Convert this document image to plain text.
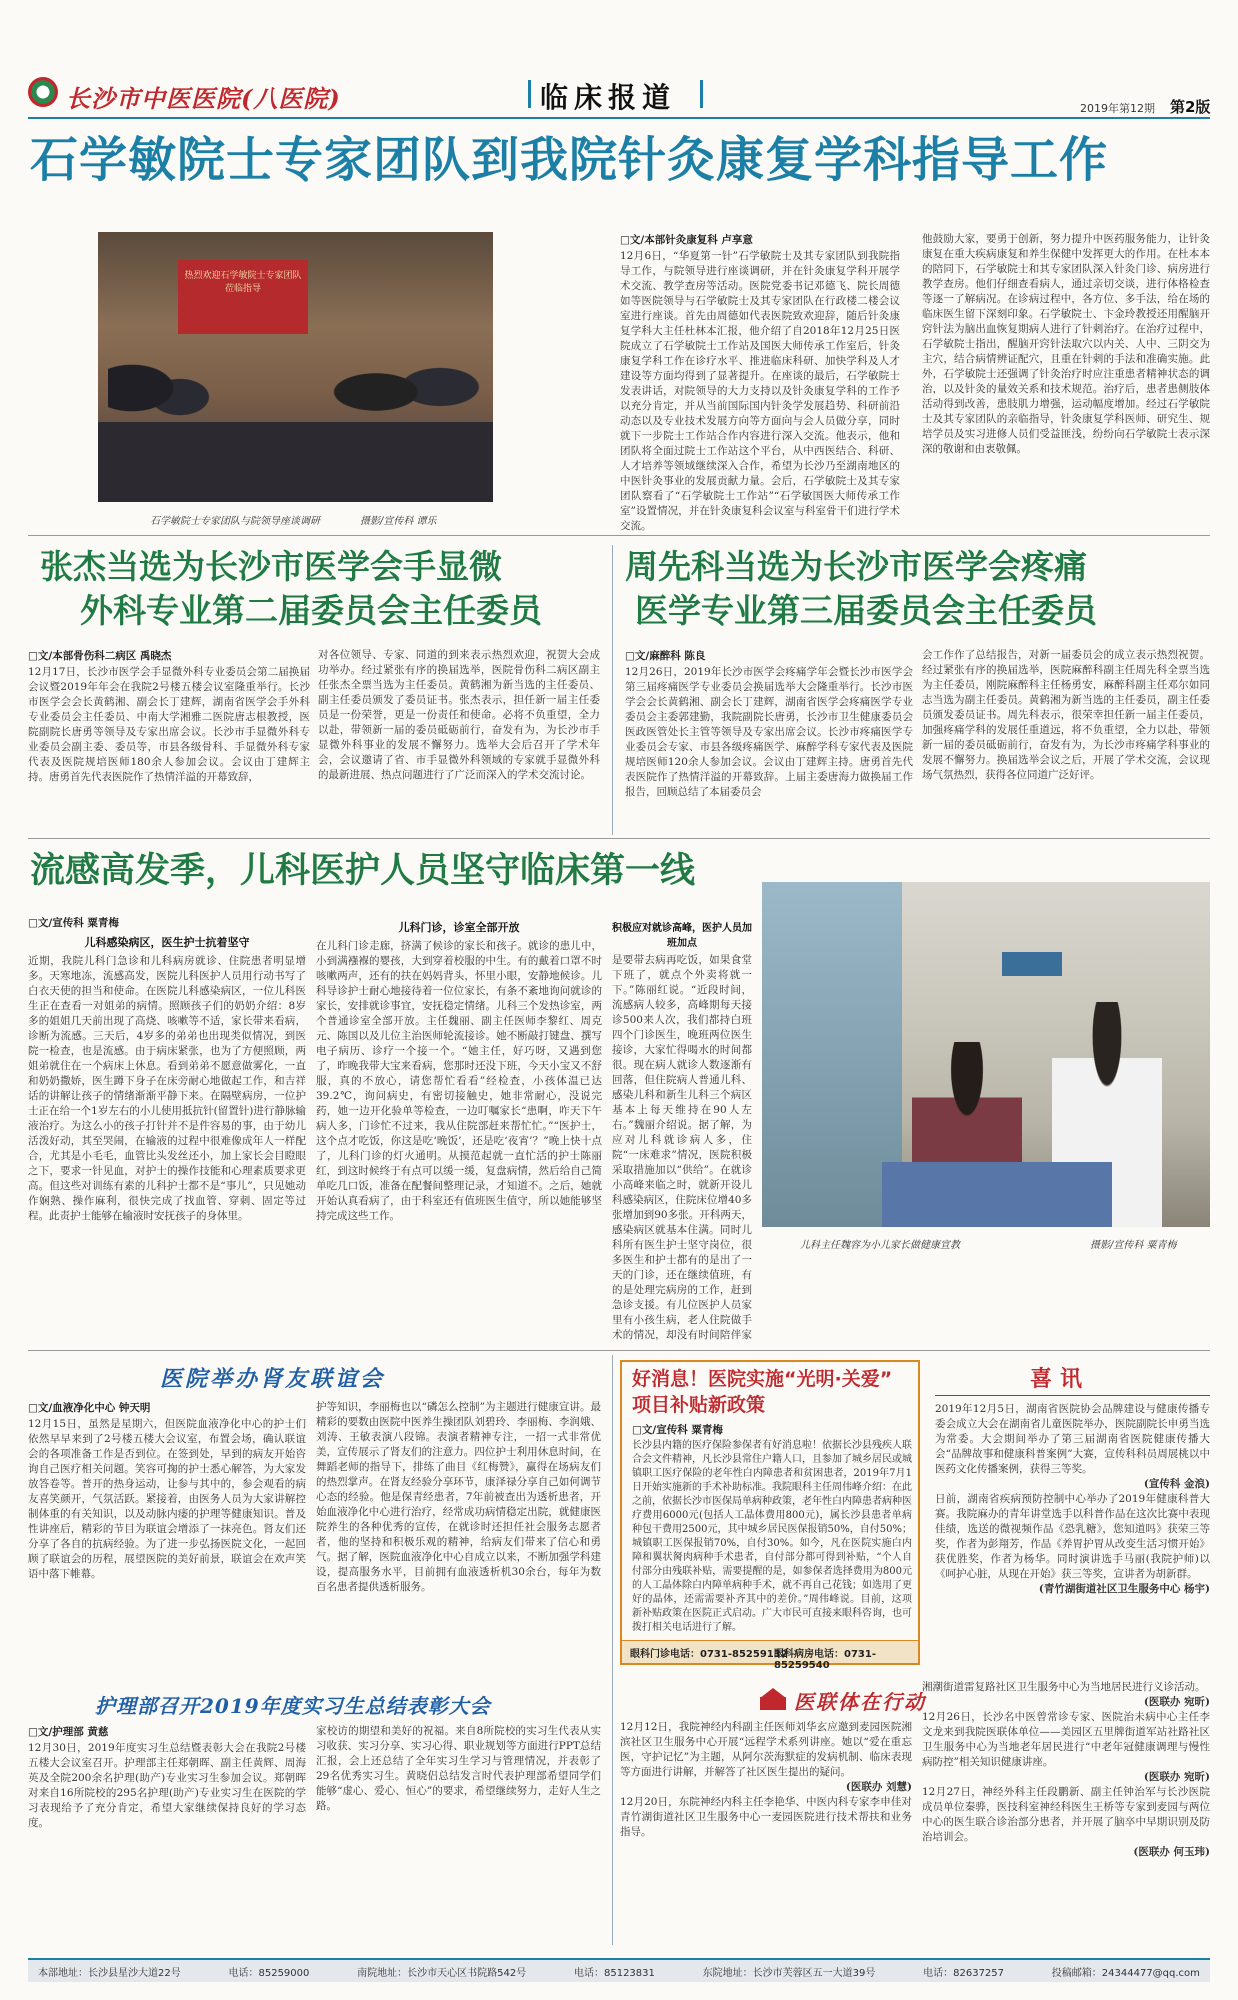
长沙市中医医院(八医院)	临床报道	2019年第12期 第2版
石学敏院士专家团队到我院针灸康复学科指导工作
热烈欢迎石学敏院士专家团队莅临指导
石学敏院士专家团队与院领导座谈调研	摄影/宣传科 谭乐

□文/本部针灸康复科 卢享意

12月6日，“华夏第一针”石学敏院士及其专家团队到我院指导工作，与院领导进行座谈调研，并在针灸康复学科开展学术交流、教学查房等活动。医院党委书记邓德飞、院长周德如等医院领导与石学敏院士及其专家团队在行政楼二楼会议室进行座谈。首先由周德如代表医院致欢迎辞，随后针灸康复学科大主任杜林本汇报，他介绍了自2018年12月25日医院成立了石学敏院士工作站及国医大师传承工作室后，针灸康复学科工作在诊疗水平、推进临床科研、加快学科及人才建设等方面均得到了显著提升。在座谈的最后，石学敏院士发表讲话，对院领导的大力支持以及针灸康复学科的工作予以充分肯定，并从当前国际国内针灸学发展趋势、科研前沿动态以及专业技术发展方向等方面向与会人员做分享，同时就下一步院士工作站合作内容进行深入交流。他表示，他和团队将全面过院士工作站这个平台，从中西医结合、科研、人才培养等领域继续深入合作，希望为长沙乃至湖南地区的中医针灸事业的发展贡献力量。会后，石学敏院士及其专家团队察看了“石学敏院士工作站”“石学敏国医大师传承工作室”设置情况，并在针灸康复科会议室与科室骨干们进行学术交流。

他鼓励大家，要勇于创新，努力提升中医药服务能力，让针灸康复在重大疾病康复和养生保健中发挥更大的作用。在杜本本的陪同下，石学敏院士和其专家团队深入针灸门诊、病房进行教学查房。他们仔细查看病人，通过亲切交谈，进行体格检查等逐一了解病况。在诊病过程中，各方位、多手法，给在场的临床医生留下深刻印象。石学敏院士、卞金玲教授还用醒脑开窍针法为脑出血恢复期病人进行了针刺治疗。在治疗过程中，石学敏院士指出，醒脑开窍针法取穴以内关、人中、三阴交为主穴，结合病情辨证配穴，且重在针刺的手法和准确实施。此外，石学敏院士还强调了针灸治疗时应注重患者精神状态的调治，以及针灸的量效关系和技术规范。治疗后，患者患侧肢体活动得到改善，患肢肌力增强，运动幅度增加。经过石学敏院士及其专家团队的亲临指导，针灸康复学科医师、研究生、规培学员及实习进修人员们受益匪浅，纷纷向石学敏院士表示深深的敬谢和由衷敬佩。

张杰当选为长沙市医学会手显微
外科专业第二届委员会主任委员

□文/本部骨伤科二病区 禹晓杰

12月17日，长沙市医学会手显微外科专业委员会第二届换届会议暨2019年年会在我院2号楼五楼会议室隆重举行。长沙市医学会会长黄鹤湘、副会长丁建辉，湖南省医学会手外科专业委员会主任委员、中南大学湘雅二医院唐志根教授，医院副院长唐勇等领导及专家出席会议。长沙市手显微外科专业委员会副主委、委员等，市县各级骨科、手显微外科专家代表及医院规培医师180余人参加会议。会议由丁建辉主持。唐勇首先代表医院作了热情洋溢的开幕致辞，

对各位领导、专家、同道的到来表示热烈欢迎，祝贺大会成功举办。经过紧张有序的换届选举，医院骨伤科二病区副主任张杰全票当选为主任委员。黄鹤湘为新当选的主任委员、副主任委员颁发了委员证书。张杰表示，担任新一届主任委员是一份荣誉，更是一份责任和使命。必将不负重望，全力以赴，带领新一届的委员砥砺前行，奋发有为，为长沙市手显微外科事业的发展不懈努力。选举大会后召开了学术年会，会议邀请了省、市手显微外科领域的专家就手显微外科的最新进展、热点问题进行了广泛而深入的学术交流讨论。

周先科当选为长沙市医学会疼痛
医学专业第三届委员会主任委员

□文/麻醉科 陈良

12月26日，2019年长沙市医学会疼痛学年会暨长沙市医学会第三届疼痛医学专业委员会换届选举大会隆重举行。长沙市医学会会长黄鹤湘、副会长丁建辉，湖南省医学会疼痛医学专业委员会主委郭建勤，我院副院长唐勇，长沙市卫生健康委员会医政医管处长主管等领导及专家出席会议。长沙市疼痛医学专业委员会专家、市县各级疼痛医学、麻醉学科专家代表及医院规培医师120余人参加会议。会议由丁建辉主持。唐勇首先代表医院作了热情洋溢的开幕致辞。上届主委唐海力做换届工作报告，回顾总结了本届委员会

会工作作了总结报告，对新一届委员会的成立表示热烈祝贺。经过紧张有序的换届选举，医院麻醉科副主任周先科全票当选为主任委员，刚院麻醉科主任杨勇安，麻醉科副主任邓尔如同志当选为副主任委员。黄鹤湘为新当选的主任委员，副主任委员颁发委员证书。周先科表示，很荣幸担任新一届主任委员，加强疼痛学科的发展任重道远，将不负重望，全力以赴，带领新一届的委员砥砺前行，奋发有为，为长沙市疼痛学科事业的发展不懈努力。换届选举会议之后，开展了学术交流，会议现场气氛热烈，获得各位同道广泛好评。

流感高发季，儿科医护人员坚守临床第一线

□文/宣传科 粟青梅

儿科感染病区，医生护士抗着坚守

近期，我院儿科门急诊和儿科病房就诊、住院患者明显增多。天寒地冻，流感高发，医院儿科医护人员用行动书写了白衣天使的担当和使命。在医院儿科感染病区，一位儿科医生正在查看一对姐弟的病情。照顾孩子们的奶奶介绍：8岁多的姐姐几天前出现了高烧、咳嗽等不适，家长带来看病，诊断为流感。三天后，4岁多的弟弟也出现类似情况，到医院一检查，也是流感。由于病床紧张，也为了方便照顾，两姐弟就住在一个病床上休息。看到弟弟不愿意做雾化，一直和奶奶撒娇，医生蹲下身子在床旁耐心地做起工作，和吉祥话的讲解让孩子的情绪渐渐平静下来。在隔壁病房，一位护士正在给一个1岁左右的小儿使用抵抗针(留置针)进行静脉输液治疗。为这么小的孩子打针并不是件容易的事，由于幼儿活泼好动，其至哭闹，在输液的过程中很难像成年人一样配合，尤其是小毛毛，血管比头发丝还小，加上家长会目瞪眼之下，要求一针见血，对护士的操作技能和心理素质要求更高。但这些对训练有素的儿科护士都不是“事儿”，只见她动作娴熟、操作麻利，很快完成了找血管、穿刺、固定等过程。此责护士能够在输液时安抚孩子的身体里。

儿科门诊，诊室全部开放

在儿科门诊走廊，挤满了候诊的家长和孩子。就诊的患儿中，小到满襁褓的婴孩，大到穿着校服的中生。有的戴着口罩不时咳嗽两声，还有的扶在妈妈背头，怀里小眼，安静地候诊。儿科导诊护士耐心地接待着一位位家长，有条不紊地询问就诊的家长，安排就诊事宜，安抚稳定情绪。儿科三个发热诊室，两个普通诊室全部开放。主任魏丽、副主任医师李黎红、周克元、陈国以及儿位主治医师轮流接诊。她不断敲打键盘、撰写电子病历、诊疗一个接一个。“她主任，好巧呀，又遇到您了，昨晚我带大宝来看病，您那时还没下班，今天小宝又不舒服，真的不放心，请您帮忙看看”经检查，小孩体温已达39.2℃，询问病史，有密切接触史，她非常耐心，没说完药，她一边开化验单等检查，一边叮嘱家长“患啊，咋天下午病人多，门诊忙不过来，我从住院部赶来帮忙忙。”“医护士，这个点才吃饭，你这是吃‘晚饭’，还是吃‘夜宵’？”晚上快十点了，儿科门诊的灯火通明。从摸范起就一直忙活的护士陈丽红，到这时候终于有点可以缓一缓，复盘病情，然后给自己简单吃几口饭，准备在配餐间整理记录，才知道不。之后，她就开始认真看病了，由于科室还有值班医生值守，所以她能够坚持完成这些工作。

积极应对就诊高峰，医护人员加班加点

是要带去病再吃饭，如果食堂下班了，就点个外卖将就一下。”陈丽红说。“近段时间，流感病人较多，高峰期每天接诊500来人次，我们都持白班四个门诊医生，晚班两位医生接诊，大家忙得喝水的时间都很。现在病人就诊人数逐渐有回落，但住院病人普通儿科、感染儿科和新生儿科三个病区基本上每天维持在90人左右。”魏丽介绍说。据了解，为应对儿科就诊病人多，住院“一床难求”情况，医院积极采取措施加以“供给”。在就诊小高峰来临之时，就新开设儿科感染病区，住院床位增40多张增加到90多张。开科两天，感染病区就基本住满。同时儿科所有医生护士坚守岗位，很多医生和护士都有的是出了一天的门诊，还在继续值班，有的是处理完病房的工作，赶到急诊支援。有儿位医护人员家里有小孩生病，老人住院做手术的情况，却没有时间陪伴家

儿科主任魏容为小儿家长做健康宣教	摄影/宣传科 粟青梅
医院举办肾友联谊会

□文/血液净化中心 钟天明

12月15日，虽然是星期六，但医院血液净化中心的护士们依然早早来到了2号楼五楼大会议室，布置会场，确认联谊会的各项准备工作是否到位。在签到处，早到的病友开始咨询自己医疗相关问题。笑容可掬的护士悉心解答，为大家发放答卷等。普开的热身运动，让参与其中的，参会观看的病友喜笑颜开，气氛活跃。紧接着，由医务人员为大家讲解控制体重的有关知识，以及动脉内瘘的护理等健康知识。普及性讲座后，精彩的节目为联谊会增添了一抹亮色。肾友们还分享了各自的抗病经验。为了进一步弘扬医院文化，一起回顾了联谊会的历程，展望医院的美好前景，联谊会在欢声笑语中落下帷幕。

护等知识，李丽梅也以“磷怎么控制”为主题进行健康宣讲。最精彩的要数由医院中医养生操团队刘碧玲、李丽梅、李润娥、刘涛、王敏表演八段锦。表演者精神专注，一招一式非常优美，宣传展示了肾友们的注意力。四位护士利用休息时间，在舞蹈老师的指导下，排练了曲目《红梅赞》，赢得在场病友们的热烈掌声。在肾友经验分享环节，康泽禄分享自己如何调节心态的经验。他是保青经患者，7年前被查出为透析患者，开始血液净化中心进行治疗，经常成功病情稳定出院，就健康医院养生的各种优秀的宣传，在就诊时还担任社会服务志愿者者，他的坚持和积极乐观的精神，给病友们带来了信心和勇气。据了解，医院血液净化中心自成立以来，不断加强学科建设，提高服务水平，目前拥有血液透析机30余台，每年为数百名患者提供透析服务。

护理部召开2019年度实习生总结表彰大会

□文/护理部 黄慈

12月30日，2019年度实习生总结暨表彰大会在我院2号楼五楼大会议室召开。护理部主任郑朝晖、副主任黄辉、周海英及全院200余名护理(助产)专业实习生参加会议。郑朝晖对来自16所院校的295名护理(助产)专业实习生在医院的学习表现给予了充分肯定，希望大家继续保持良好的学习态度。

家校访的期望和美好的祝福。来自8所院校的实习生代表从实习收获、实习分享、实习心得、职业规划等方面进行PPT总结汇报，会上还总结了全年实习生学习与管理情况，并表彰了29名优秀实习生。黄晓侣总结发言时代表护理部希望同学们能够“虚心、爱心、恒心”的要求，希望继续努力，走好人生之路。

好消息！医院实施“光明·关爱”
项目补贴新政策

□文/宣传科 粟青梅

长沙县内籍的医疗保险参保者有好消息啦！依据长沙县残疾人联合会文件精神，凡长沙县常住户籍人口，且参加了城乡居民或城镇职工医疗保险的老年性白内障患者和贫困患者，2019年7月1日开始实施新的手术补助标准。我院眼科主任周伟峰介绍：在此之前，依据长沙市医保局单病种政策，老年性白内障患者病种医疗费用6000元(包括人工晶体费用800元)，属长沙县患者单病种包干费用2500元，其中城乡居民医保报销50%，自付50%；城镇职工医保报销70%，自付30%。如今，凡在医院实施白内障和翼状胬肉病种手术患者，自付部分都可得到补贴，“个人自付部分由残联补贴，需要提醒的是，如参保者选择费用为800元的人工晶体除白内障单病种手术，就不再自己花钱；如选用了更好的晶体，还需需要补齐其中的差价。”周伟峰说。目前，这项新补贴政策在医院正式启动。广大市民可直接来眼科咨询，也可拨打相关电话进行了解。

眼科门诊电话：0731-85259132
眼科病房电话：0731-85259540
喜讯

2019年12月5日，湖南省医院协会品牌建设与健康传播专委会成立大会在湖南省儿童医院举办，医院副院长申勇当选为常委。大会期间举办了第三届湖南省医院健康传播大会“品牌故事和健康科普案例”大赛，宣传科科员周展桃以中医药文化传播案例，获得三等奖。

(宣传科 金浪)

日前，湖南省疾病预防控制中心举办了2019年健康科普大赛。我院麻办的青年讲堂选手以科普作品在这次比赛中表现佳绩，选送的微视频作品《恐乳糖》，您知道吗》获荣三等奖，作者为彭翔芳，作品《养胃护胃从改变生活习惯开始》获优胜奖，作者为杨华。同时演讲选手马丽(我院护师)以《呵护心脏，从现在开始》获三等奖，宣讲者为胡新群。

(青竹湖街道社区卫生服务中心 杨宇)

医联体在行动

12月12日，我院神经内科副主任医师刘华玄应邀到麦园医院湘滨社区卫生服务中心开展“远程学术系列讲座。她以“爱在重忘医，守护记忆”为主题，从阿尔茨海默症的发病机制、临床表现等方面进行讲解，并解答了社区医生提出的疑问。

(医联办 刘慧)

12月20日，东院神经内科主任李艳华、中医内科专家李申佳对青竹湖街道社区卫生服务中心一麦园医院进行技术帮扶和业务指导。

湘潮街道雷复路社区卫生服务中心为当地居民进行义诊活动。

(医联办 宛昕)

12月26日，长沙名中医曾常诊专家、医院治未病中心主任李文龙来到我院医联体单位——美园区五里牌街道军站社路社区卫生服务中心为当地老年居民进行“中老年冠健康调理与慢性病防控”相关知识健康讲座。

(医联办 宛昕)

12月27日，神经外科主任段鹏新、副主任钟治军与长沙医院成员单位秦骅，医技科室神经科医生王桥等专家到麦园与两位中心的医生联合诊治部分患者，并开展了脑卒中早期识别及防治培训会。

(医联办 何玉玮)

本部地址：长沙县星沙大道22号	电话：85259000	南院地址：长沙市天心区书院路542号	电话：85123831	东院地址：长沙市芙蓉区五一大道39号	电话：82637257	投稿邮箱：24344477@qq.com
